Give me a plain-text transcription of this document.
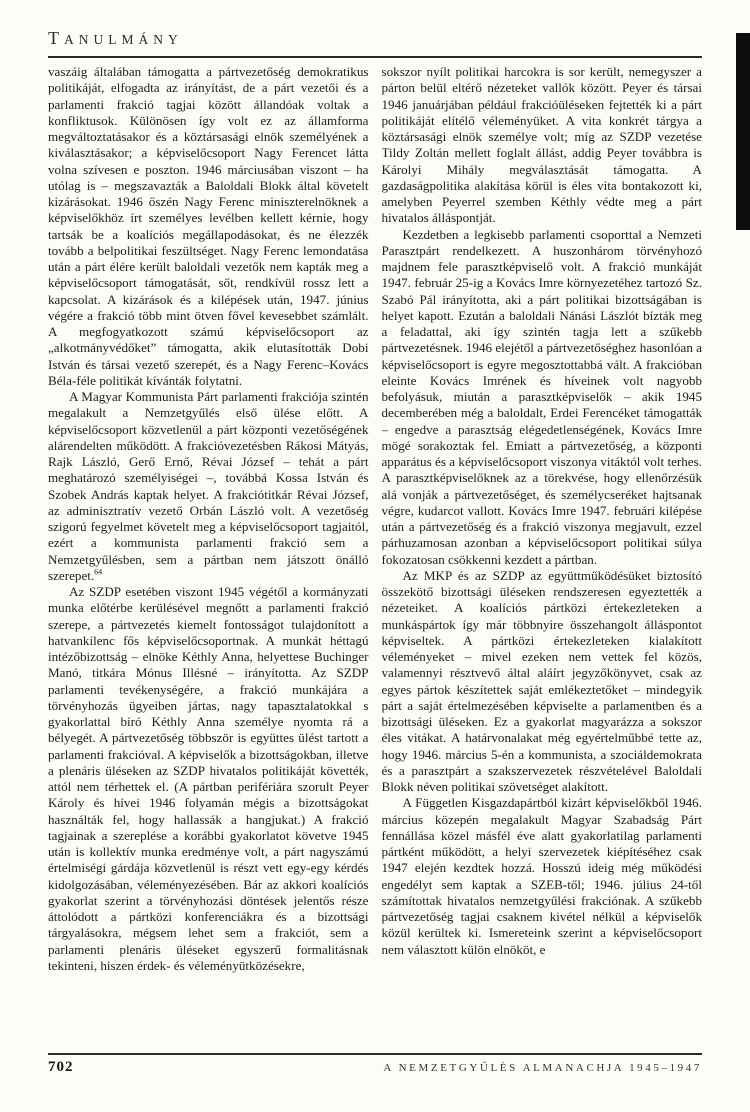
TANULMÁNY

vaszáig általában támogatta a pártvezetőség demokratikus politikáját, elfogadta az irányítást, de a párt vezetői és a parlamenti frakció tagjai között állandóak voltak a konfliktusok. Különösen így volt ez az államforma megváltoztatásakor és a köztársasági elnök személyének a kiválasztásakor; a képviselőcsoport Nagy Ferencet látta volna szívesen e poszton. 1946 márciusában viszont – ha utólag is – megszavazták a Baloldali Blokk által követelt kizárásokat. 1946 őszén Nagy Ferenc miniszterelnöknek a képviselőkhöz írt személyes levélben kellett kérnie, hogy tartsák be a koalíciós megállapodásokat, és ne élezzék tovább a belpolitikai feszültséget. Nagy Ferenc lemondatása után a párt élére került baloldali vezetők nem kapták meg a képviselőcsoport támogatását, sőt, rendkívül rossz lett a kapcsolat. A kizárások és a kilépések után, 1947. június végére a frakció több mint ötven fővel kevesebbet számlált. A megfogyatkozott számú képviselőcsoport az „alkotmányvédőket” támogatta, akik elutasították Dobi István és társai vezető szerepét, és a Nagy Ferenc–Kovács Béla-féle politikát kívánták folytatni.

A Magyar Kommunista Párt parlamenti frakciója szintén megalakult a Nemzetgyűlés első ülése előtt. A képviselőcsoport közvetlenül a párt központi vezetőségének alárendelten működött. A frakcióvezetésben Rákosi Mátyás, Rajk László, Gerő Ernő, Révai József – tehát a párt meghatározó személyiségei –, továbbá Kossa István és Szobek András kaptak helyet. A frakciótitkár Révai József, az adminisztratív vezető Orbán László volt. A vezetőség szigorú fegyelmet követelt meg a képviselőcsoport tagjaitól, ezért a kommunista parlamenti frakció sem a Nemzetgyűlésben, sem a pártban nem játszott önálló szerepet.$^{64}$

Az SZDP esetében viszont 1945 végétől a kormányzati munka előtérbe kerülésével megnőtt a parlamenti frakció szerepe, a pártvezetés kiemelt fontosságot tulajdonított a hatvankilenc fős képviselőcsoportnak. A munkát héttagú intézőbizottság – elnöke Kéthly Anna, helyettese Buchinger Manó, titkára Mónus Illésné – irányította. Az SZDP parlamenti tevékenységére, a frakció munkájára a törvényhozás ügyeiben jártas, nagy tapasztalatokkal s gyakorlattal bíró Kéthly Anna személye nyomta rá a bélyegét. A pártvezetőség többször is együttes ülést tartott a parlamenti frakcióval. A képviselők a bizottságokban, illetve a plenáris üléseken az SZDP hivatalos politikáját követték, attól nem térhettek el. (A pártban perifériára szorult Peyer Károly és hívei 1946 folyamán mégis a bizottságokat használták fel, hogy hallassák a hangjukat.) A frakció tagjainak a szereplése a korábbi gyakorlatot követve 1945 után is kollektív munka eredménye volt, a párt nagyszámú értelmiségi gárdája közvetlenül is részt vett egy-egy kérdés kidolgozásában, véleményezésében. Bár az akkori koalíciós gyakorlat szerint a törvényhozási döntések jelentős része áttolódott a pártközi konferenciákra és a bizottsági tárgyalásokra, mégsem lehet sem a frakciót, sem a parlamenti plenáris üléseket egyszerű formalitásnak tekinteni, hiszen érdek- és véleményütközésekre,

sokszor nyílt politikai harcokra is sor került, nemegyszer a párton belül eltérő nézeteket vallók között. Peyer és társai 1946 januárjában például frakcióüléseken fejtették ki a párt politikáját elítélő véleményüket. A vita konkrét tárgya a köztársasági elnök személye volt; míg az SZDP vezetése Tildy Zoltán mellett foglalt állást, addig Peyer továbbra is Károlyi Mihály megválasztását támogatta. A gazdaságpolitika alakítása körül is éles vita bontakozott ki, amelyben Peyerrel szemben Kéthly védte meg a párt hivatalos álláspontját.

Kezdetben a legkisebb parlamenti csoporttal a Nemzeti Parasztpárt rendelkezett. A huszonhárom törvényhozó majdnem fele parasztképviselő volt. A frakció munkáját 1947. február 25-ig a Kovács Imre környezetéhez tartozó Sz. Szabó Pál irányította, aki a párt politikai bizottságában is helyet kapott. Ezután a baloldali Nánási Lászlót bízták meg a feladattal, aki így szintén tagja lett a szűkebb pártvezetésnek. 1946 elejétől a pártvezetőséghez hasonlóan a képviselőcsoport is egyre megosztottabbá vált. A frakcióban eleinte Kovács Imrének és híveinek volt nagyobb befolyásuk, miután a parasztképviselők – akik 1945 decemberében még a baloldalt, Erdei Ferencéket támogatták – engedve a parasztság elégedetlenségének, Kovács Imre mögé sorakoztak fel. Emiatt a pártvezetőség, a központi apparátus és a képviselőcsoport viszonya vitáktól volt terhes. A parasztképviselőknek az a törekvése, hogy ellenőrzésük alá vonják a pártvezetőséget, és személycseréket hajtsanak végre, kudarcot vallott. Kovács Imre 1947. februári kilépése után a pártvezetőség és a frakció viszonya megjavult, ezzel párhuzamosan azonban a képviselőcsoport politikai súlya fokozatosan csökkenni kezdett a pártban.

Az MKP és az SZDP az együttműködésüket biztosító összekötő bizottsági üléseken rendszeresen egyeztették a nézeteiket. A koalíciós pártközi értekezleteken a munkáspártok így már többnyire összehangolt álláspontot képviseltek. A pártközi értekezleteken kialakított véleményeket – mivel ezeken nem vettek fel közös, valamennyi résztvevő által aláírt jegyzőkönyvet, csak az egyes pártok készítettek saját emlékeztetőket – mindegyik párt a saját értelmezésében képviselte a parlamentben és a bizottsági üléseken. Ez a gyakorlat magyarázza a sokszor éles vitákat. A határvonalakat még egyértelműbbé tette az, hogy 1946. március 5-én a kommunista, a szociáldemokrata és a parasztpárt a szakszervezetek részvételével Baloldali Blokk néven politikai szövetséget alakított.

A Független Kisgazdapártból kizárt képviselőkből 1946. március közepén megalakult Magyar Szabadság Párt fennállása közel másfél éve alatt gyakorlatilag parlamenti pártként működött, a helyi szervezetek kiépítéséhez csak 1947 elején kezdtek hozzá. Hosszú ideig még működési engedélyt sem kaptak a SZEB-től; 1946. július 24-től számítottak hivatalos nemzetgyűlési frakciónak. A szűkebb pártvezetőség tagjai csaknem kivétel nélkül a képviselők közül kerültek ki. Ismereteink szerint a képviselőcsoport nem választott külön elnököt, e

702	A NEMZETGYŰLÉS ALMANACHJA 1945–1947
